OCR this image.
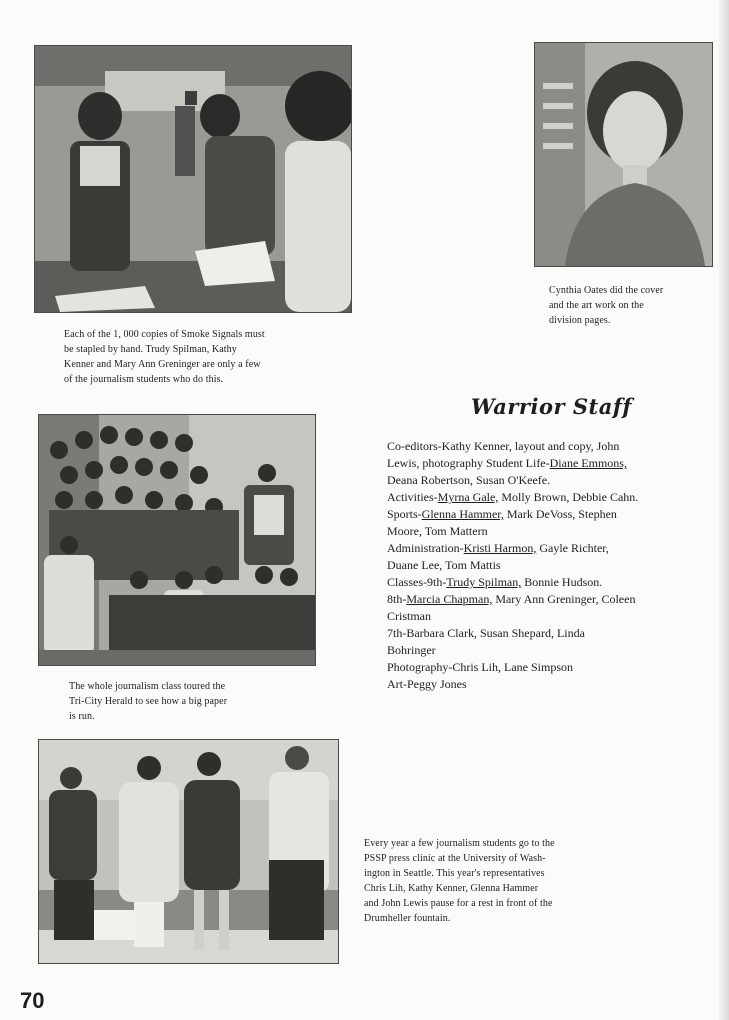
Each of the 1, 000 copies of Smoke Signals must
be stapled by hand. Trudy Spilman, Kathy
Kenner and Mary Ann Greninger are only a few
of the journalism students who do this.
Cynthia Oates did the cover
and the art work on the
division pages.
The whole journalism class toured the
Tri-City Herald to see how a big paper
is run.
Every year a few journalism students go to the
PSSP press clinic at the University of Wash-
ington in Seattle. This year's representatives
Chris Lih, Kathy Kenner, Glenna Hammer
and John Lewis pause for a rest in front of the
Drumheller fountain.
Warrior Staff
Co-editors-Kathy Kenner, layout and copy, John
Lewis, photography Student Life-Diane Emmons,
Deana Robertson, Susan O'Keefe.
Activities-Myrna Gale, Molly Brown, Debbie Cahn.
Sports-Glenna Hammer, Mark DeVoss, Stephen
Moore, Tom Mattern
Administration-Kristi Harmon, Gayle Richter,
Duane Lee, Tom Mattis
Classes-9th-Trudy Spilman, Bonnie Hudson.
8th-Marcia Chapman, Mary Ann Greninger, Coleen
Cristman
7th-Barbara Clark, Susan Shepard, Linda
Bohringer
Photography-Chris Lih, Lane Simpson
Art-Peggy Jones
70
